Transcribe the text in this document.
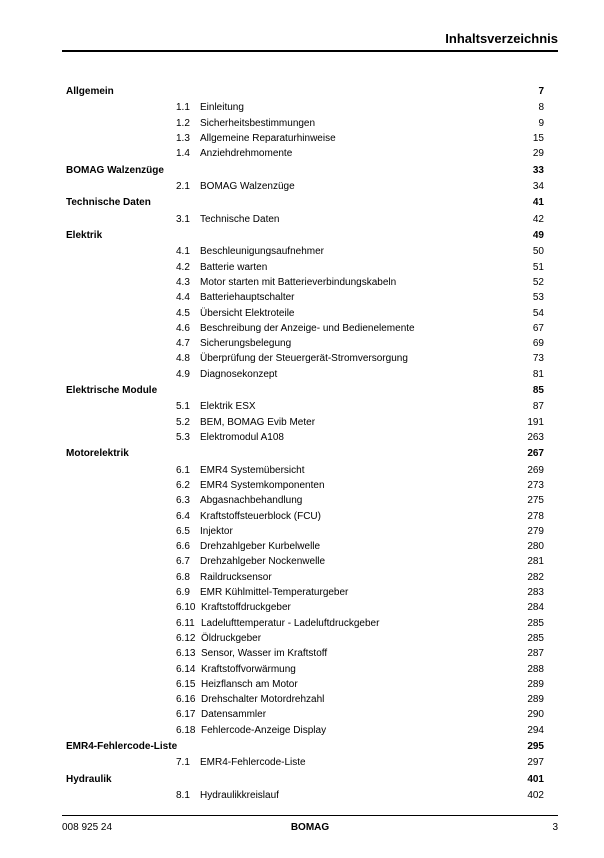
Inhaltsverzeichnis
Allgemein	7
1.1 Einleitung	8
1.2 Sicherheitsbestimmungen	9
1.3 Allgemeine Reparaturhinweise	15
1.4 Anziehdrehmomente	29
BOMAG Walzenzüge	33
2.1 BOMAG Walzenzüge	34
Technische Daten	41
3.1 Technische Daten	42
Elektrik	49
4.1 Beschleunigungsaufnehmer	50
4.2 Batterie warten	51
4.3 Motor starten mit Batterieverbindungskabeln	52
4.4 Batteriehauptschalter	53
4.5 Übersicht Elektroteile	54
4.6 Beschreibung der Anzeige- und Bedienelemente	67
4.7 Sicherungsbelegung	69
4.8 Überprüfung der Steuergerät-Stromversorgung	73
4.9 Diagnosekonzept	81
Elektrische Module	85
5.1 Elektrik ESX	87
5.2 BEM, BOMAG Evib Meter	191
5.3 Elektromodul A108	263
Motorelektrik	267
6.1 EMR4 Systemübersicht	269
6.2 EMR4 Systemkomponenten	273
6.3 Abgasnachbehandlung	275
6.4 Kraftstoffsteuerblock (FCU)	278
6.5 Injektor	279
6.6 Drehzahlgeber Kurbelwelle	280
6.7 Drehzahlgeber Nockenwelle	281
6.8 Raildrucksensor	282
6.9 EMR Kühlmittel-Temperaturgeber	283
6.10 Kraftstoffdruckgeber	284
6.11 Ladelufttemperatur - Ladeluftdruckgeber	285
6.12 Öldruckgeber	285
6.13 Sensor, Wasser im Kraftstoff	287
6.14 Kraftstoffvorwärmung	288
6.15 Heizflansch am Motor	289
6.16 Drehschalter Motordrehzahl	289
6.17 Datensammler	290
6.18 Fehlercode-Anzeige Display	294
EMR4-Fehlercode-Liste	295
7.1 EMR4-Fehlercode-Liste	297
Hydraulik	401
8.1 Hydraulikkreislauf	402
008 925 24	BOMAG	3
